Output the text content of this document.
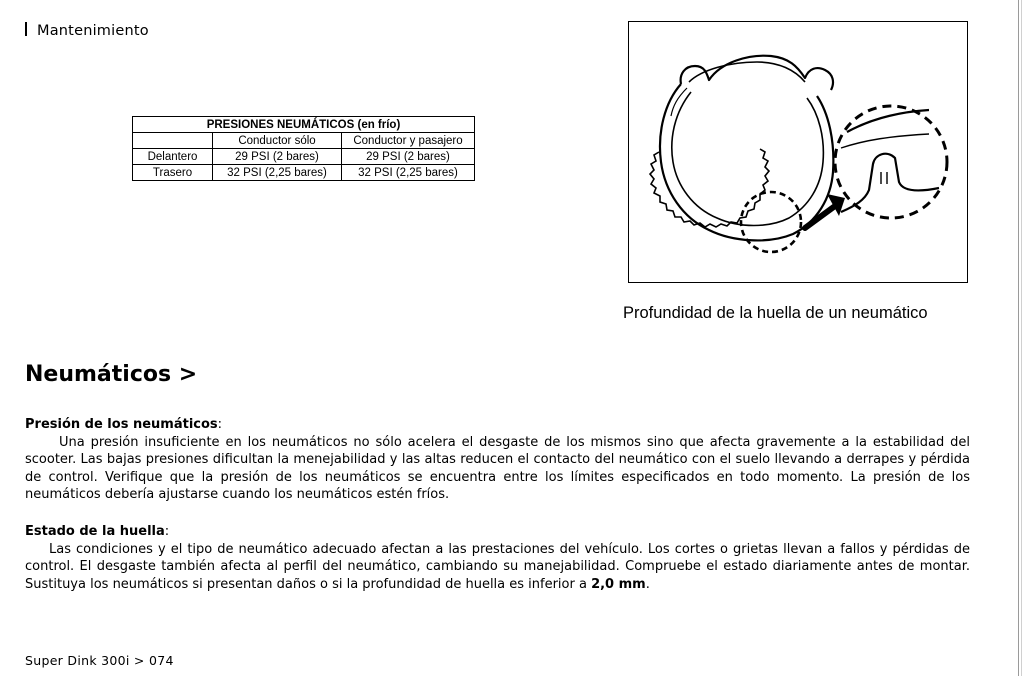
Mantenimiento
PRESIONES NEUMÁTICOS (en frío)		
	Conductor sólo	Conductor y pasajero
Delantero	29 PSI (2 bares)	29 PSI (2 bares)
Trasero	32 PSI (2,25 bares)	32 PSI (2,25 bares)
Profundidad de la huella de un neumático
Neumáticos >
Presión de los neumáticos:

Una presión insuficiente en los neumáticos no sólo acelera el desgaste de los mismos sino que afecta gravemente a la estabilidad del scooter. Las bajas presiones dificultan la menejabilidad y las altas reducen el contacto del neumático con el suelo llevando a derrapes y pérdida de control. Verifique que la presión de los neumáticos se encuentra entre los límites especificados en todo momento. La presión de los neumáticos debería ajustarse cuando los neumáticos estén fríos.

Estado de la huella:

Las condiciones y el tipo de neumático adecuado afectan a las prestaciones del vehículo. Los cortes o grietas llevan a fallos y pérdidas de control. El desgaste también afecta al perfil del neumático, cambiando su manejabilidad. Compruebe el estado diariamente antes de montar. Sustituya los neumáticos si presentan daños o si la profundidad de huella es inferior a 2,0 mm.

Super Dink 300i > 074
